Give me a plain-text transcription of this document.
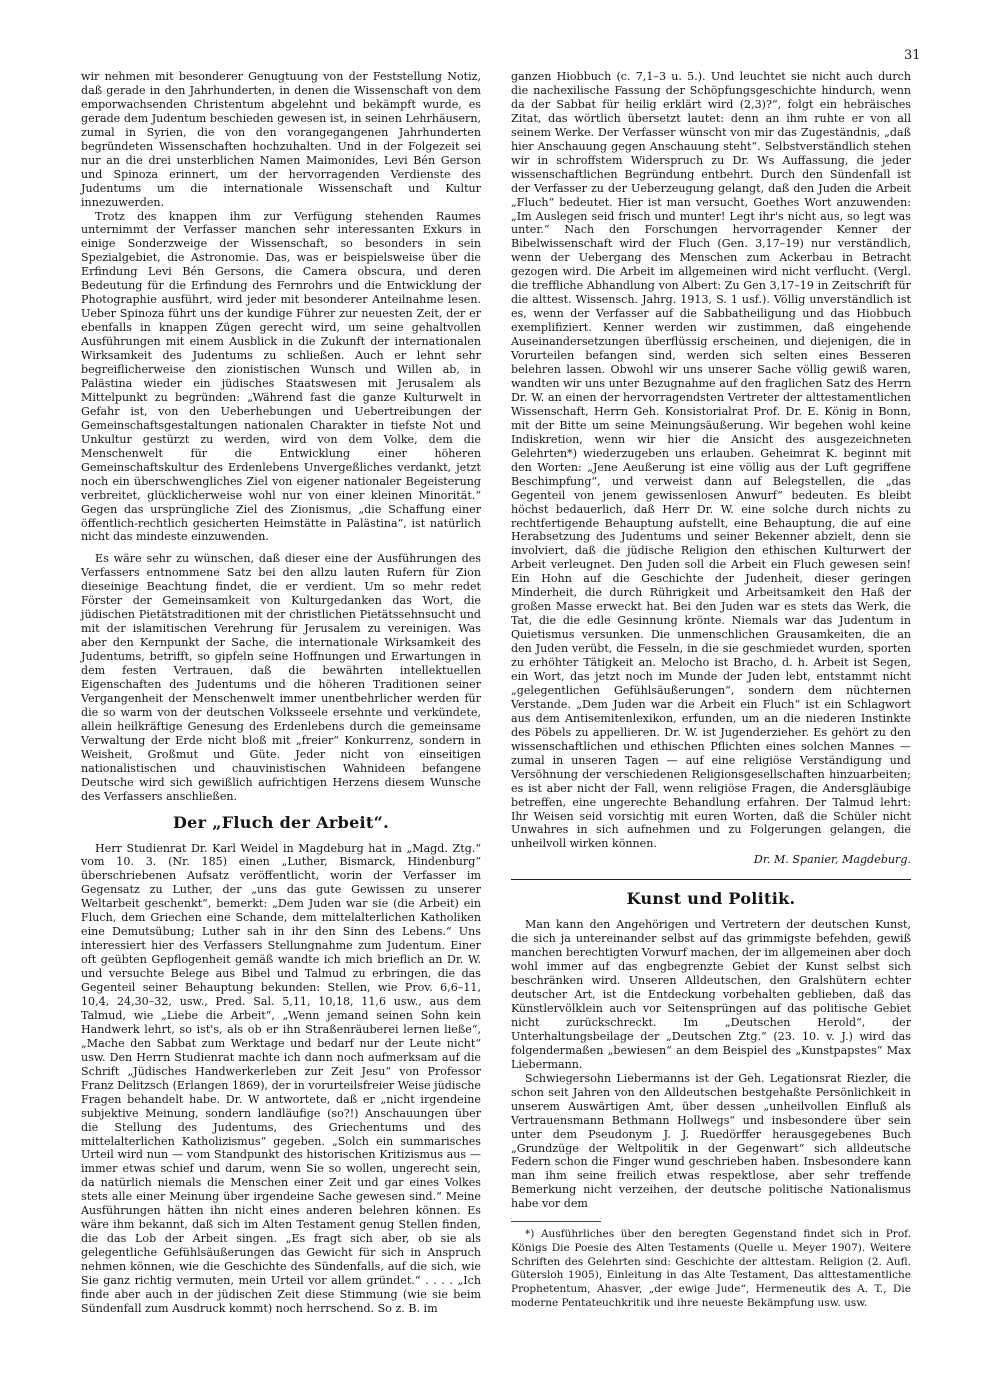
31

wir nehmen mit besonderer Genugtuung von der Feststellung Notiz, daß gerade in den Jahrhunderten, in denen die Wissenschaft von dem emporwachsenden Christentum abgelehnt und bekämpft wurde, es gerade dem Judentum beschieden gewesen ist, in seinen Lehrhäusern, zumal in Syrien, die von den vorangegangenen Jahrhunderten begründeten Wissenschaften hochzuhalten. Und in der Folgezeit sei nur an die drei unsterblichen Namen Maimonides, Levi Bén Gerson und Spinoza erinnert, um der hervorragenden Verdienste des Judentums um die internationale Wissenschaft und Kultur innezuwerden.

Trotz des knappen ihm zur Verfügung stehenden Raumes unternimmt der Verfasser manchen sehr interessanten Exkurs in einige Sonderzweige der Wissenschaft, so besonders in sein Spezialgebiet, die Astronomie. Das, was er beispielsweise über die Erfindung Levi Bén Gersons, die Camera obscura, und deren Bedeutung für die Erfindung des Fernrohrs und die Entwicklung der Photographie ausführt, wird jeder mit besonderer Anteilnahme lesen. Ueber Spinoza führt uns der kundige Führer zur neuesten Zeit, der er ebenfalls in knappen Zügen gerecht wird, um seine gehaltvollen Ausführungen mit einem Ausblick in die Zukunft der internationalen Wirksamkeit des Judentums zu schließen. Auch er lehnt sehr begreiflicherweise den zionistischen Wunsch und Willen ab, in Palästina wieder ein jüdisches Staatswesen mit Jerusalem als Mittelpunkt zu begründen: „Während fast die ganze Kulturwelt in Gefahr ist, von den Ueberhebungen und Uebertreibungen der Gemeinschaftsgestaltungen nationalen Charakter in tiefste Not und Unkultur gestürzt zu werden, wird von dem Volke, dem die Menschenwelt für die Entwicklung einer höheren Gemeinschaftskultur des Erdenlebens Unvergeßliches verdankt, jetzt noch ein überschwengliches Ziel von eigener nationaler Begeisterung verbreitet, glücklicherweise wohl nur von einer kleinen Minorität.“ Gegen das ursprüngliche Ziel des Zionismus, „die Schaffung einer öffentlich-rechtlich gesicherten Heimstätte in Palästina“, ist natürlich nicht das mindeste einzuwenden.

Es wäre sehr zu wünschen, daß dieser eine der Ausführungen des Verfassers entnommene Satz bei den allzu lauten Rufern für Zion dieseinige Beachtung findet, die er verdient. Um so mehr redet Förster der Gemeinsamkeit von Kulturgedanken das Wort, die jüdischen Pietätstraditionen mit der christlichen Pietätssehnsucht und mit der islamitischen Verehrung für Jerusalem zu vereinigen. Was aber den Kernpunkt der Sache, die internationale Wirksamkeit des Judentums, betrifft, so gipfeln seine Hoffnungen und Erwartungen in dem festen Vertrauen, daß die bewährten intellektuellen Eigenschaften des Judentums und die höheren Traditionen seiner Vergangenheit der Menschenwelt immer unentbehrlicher werden für die so warm von der deutschen Volksseele ersehnte und verkündete, allein heilkräftige Genesung des Erdenlebens durch die gemeinsame Verwaltung der Erde nicht bloß mit „freier“ Konkurrenz, sondern in Weisheit, Großmut und Güte. Jeder nicht von einseitigen nationalistischen und chauvinistischen Wahnideen befangene Deutsche wird sich gewißlich aufrichtigen Herzens diesem Wunsche des Verfassers anschließen.

Der „Fluch der Arbeit“.

Herr Studienrat Dr. Karl Weidel in Magdeburg hat in „Magd. Ztg.“ vom 10. 3. (Nr. 185) einen „Luther, Bismarck, Hindenburg“ überschriebenen Aufsatz veröffentlicht, worin der Verfasser im Gegensatz zu Luther, der „uns das gute Gewissen zu unserer Weltarbeit geschenkt“, bemerkt: „Dem Juden war sie (die Arbeit) ein Fluch, dem Griechen eine Schande, dem mittelalterlichen Katholiken eine Demutsübung; Luther sah in ihr den Sinn des Lebens.“ Uns interessiert hier des Verfassers Stellungnahme zum Judentum. Einer oft geübten Gepflogenheit gemäß wandte ich mich brieflich an Dr. W. und versuchte Belege aus Bibel und Talmud zu erbringen, die das Gegenteil seiner Behauptung bekunden: Stellen, wie Prov. 6,6–11, 10,4, 24,30–32, usw., Pred. Sal. 5,11, 10,18, 11,6 usw., aus dem Talmud, wie „Liebe die Arbeit“, „Wenn jemand seinen Sohn kein Handwerk lehrt, so ist's, als ob er ihn Straßenräuberei lernen ließe“, „Mache den Sabbat zum Werktage und bedarf nur der Leute nicht“ usw. Den Herrn Studienrat machte ich dann noch aufmerksam auf die Schrift „Jüdisches Handwerkerleben zur Zeit Jesu“ von Professor Franz Delitzsch (Erlangen 1869), der in vorurteilsfreier Weise jüdische Fragen behandelt habe. Dr. W antwortete, daß er „nicht irgendeine subjektive Meinung, sondern landläufige (so?!) Anschauungen über die Stellung des Judentums, des Griechentums und des mittelalterlichen Katholizismus“ gegeben. „Solch ein summarisches Urteil wird nun — vom Standpunkt des historischen Kritizismus aus — immer etwas schief und darum, wenn Sie so wollen, ungerecht sein, da natürlich niemals die Menschen einer Zeit und gar eines Volkes stets alle einer Meinung über irgendeine Sache gewesen sind.“ Meine Ausführungen hätten ihn nicht eines anderen belehren können. Es wäre ihm bekannt, daß sich im Alten Testament genug Stellen finden, die das Lob der Arbeit singen. „Es fragt sich aber, ob sie als gelegentliche Gefühlsäußerungen das Gewicht für sich in Anspruch nehmen können, wie die Geschichte des Sündenfalls, auf die sich, wie Sie ganz richtig vermuten, mein Urteil vor allem gründet.“ . . . . „Ich finde aber auch in der jüdischen Zeit diese Stimmung (wie sie beim Sündenfall zum Ausdruck kommt) noch herrschend. So z. B. im

ganzen Hiobbuch (c. 7,1–3 u. 5.). Und leuchtet sie nicht auch durch die nachexilische Fassung der Schöpfungsgeschichte hindurch, wenn da der Sabbat für heilig erklärt wird (2,3)?“, folgt ein hebräisches Zitat, das wörtlich übersetzt lautet: denn an ihm ruhte er von all seinem Werke. Der Verfasser wünscht von mir das Zugeständnis, „daß hier Anschauung gegen Anschauung steht“. Selbstverständlich stehen wir in schroffstem Widerspruch zu Dr. Ws Auffassung, die jeder wissenschaftlichen Begründung entbehrt. Durch den Sündenfall ist der Verfasser zu der Ueberzeugung gelangt, daß den Juden die Arbeit „Fluch“ bedeutet. Hier ist man versucht, Goethes Wort anzuwenden: „Im Auslegen seid frisch und munter! Legt ihr's nicht aus, so legt was unter.“ Nach den Forschungen hervorragender Kenner der Bibelwissenschaft wird der Fluch (Gen. 3,17–19) nur verständlich, wenn der Uebergang des Menschen zum Ackerbau in Betracht gezogen wird. Die Arbeit im allgemeinen wird nicht verflucht. (Vergl. die treffliche Abhandlung von Albert: Zu Gen 3,17–19 in Zeitschrift für die alttest. Wissensch. Jahrg. 1913, S. 1 usf.). Völlig unverständlich ist es, wenn der Verfasser auf die Sabbatheiligung und das Hiobbuch exemplifiziert. Kenner werden wir zustimmen, daß eingehende Auseinandersetzungen überflüssig erscheinen, und diejenigen, die in Vorurteilen befangen sind, werden sich selten eines Besseren belehren lassen. Obwohl wir uns unserer Sache völlig gewiß waren, wandten wir uns unter Bezugnahme auf den fraglichen Satz des Herrn Dr. W. an einen der hervorragendsten Vertreter der alttestamentlichen Wissenschaft, Herrn Geh. Konsistorialrat Prof. Dr. E. König in Bonn, mit der Bitte um seine Meinungsäußerung. Wir begehen wohl keine Indiskretion, wenn wir hier die Ansicht des ausgezeichneten Gelehrten*) wiederzugeben uns erlauben. Geheimrat K. beginnt mit den Worten: „Jene Aeußerung ist eine völlig aus der Luft gegriffene Beschimpfung“, und verweist dann auf Belegstellen, die „das Gegenteil von jenem gewissenlosen Anwurf“ bedeuten. Es bleibt höchst bedauerlich, daß Herr Dr. W. eine solche durch nichts zu rechtfertigende Behauptung aufstellt, eine Behauptung, die auf eine Herabsetzung des Judentums und seiner Bekenner abzielt, denn sie involviert, daß die jüdische Religion den ethischen Kulturwert der Arbeit verleugnet. Den Juden soll die Arbeit ein Fluch gewesen sein! Ein Hohn auf die Geschichte der Judenheit, dieser geringen Minderheit, die durch Rührigkeit und Arbeitsamkeit den Haß der großen Masse erweckt hat. Bei den Juden war es stets das Werk, die Tat, die die edle Gesinnung krönte. Niemals war das Judentum in Quietismus versunken. Die unmenschlichen Grausamkeiten, die an den Juden verübt, die Fesseln, in die sie geschmiedet wurden, sporten zu erhöhter Tätigkeit an. Melocho ist Bracho, d. h. Arbeit ist Segen, ein Wort, das jetzt noch im Munde der Juden lebt, entstammt nicht „gelegentlichen Gefühlsäußerungen“, sondern dem nüchternen Verstande. „Dem Juden war die Arbeit ein Fluch“ ist ein Schlagwort aus dem Antisemitenlexikon, erfunden, um an die niederen Instinkte des Pöbels zu appellieren. Dr. W. ist Jugenderzieher. Es gehört zu den wissenschaftlichen und ethischen Pflichten eines solchen Mannes — zumal in unseren Tagen — auf eine religiöse Verständigung und Versöhnung der verschiedenen Religionsgesellschaften hinzuarbeiten; es ist aber nicht der Fall, wenn religiöse Fragen, die Andersgläubige betreffen, eine ungerechte Behandlung erfahren. Der Talmud lehrt: Ihr Weisen seid vorsichtig mit euren Worten, daß die Schüler nicht Unwahres in sich aufnehmen und zu Folgerungen gelangen, die unheilvoll wirken können.

Dr. M. Spanier, Magdeburg.
Kunst und Politik.

Man kann den Angehörigen und Vertretern der deutschen Kunst, die sich ja untereinander selbst auf das grimmigste befehden, gewiß manchen berechtigten Vorwurf machen, der im allgemeinen aber doch wohl immer auf das engbegrenzte Gebiet der Kunst selbst sich beschränken wird. Unseren Alldeutschen, den Gralshütern echter deutscher Art, ist die Entdeckung vorbehalten geblieben, daß das Künstlervölklein auch vor Seitensprüngen auf das politische Gebiet nicht zurückschreckt. Im „Deutschen Herold“, der Unterhaltungsbeilage der „Deutschen Ztg.“ (23. 10. v. J.) wird das folgendermaßen „bewiesen“ an dem Beispiel des „Kunstpapstes“ Max Liebermann.

Schwiegersohn Liebermanns ist der Geh. Legationsrat Riezler, die schon seit Jahren von den Alldeutschen bestgehaßte Persönlichkeit in unserem Auswärtigen Amt, über dessen „unheilvollen Einfluß als Vertrauensmann Bethmann Hollwegs“ und insbesondere über sein unter dem Pseudonym J. J. Ruedörffer herausgegebenes Buch „Grundzüge der Weltpolitik in der Gegenwart“ sich alldeutsche Federn schon die Finger wund geschrieben haben. Insbesondere kann man ihm seine freilich etwas respektlose, aber sehr treffende Bemerkung nicht verzeihen, der deutsche politische Nationalismus habe vor dem

*) Ausführliches über den beregten Gegenstand findet sich in Prof. Königs Die Poesie des Alten Testaments (Quelle u. Meyer 1907). Weitere Schriften des Gelehrten sind: Geschichte der alttestam. Religion (2. Aufl. Gütersloh 1905), Einleitung in das Alte Testament, Das alttestamentliche Prophetentum, Ahasver, „der ewige Jude“, Hermeneutik des A. T., Die moderne Pentateuchkritik und ihre neueste Bekämpfung usw. usw.
